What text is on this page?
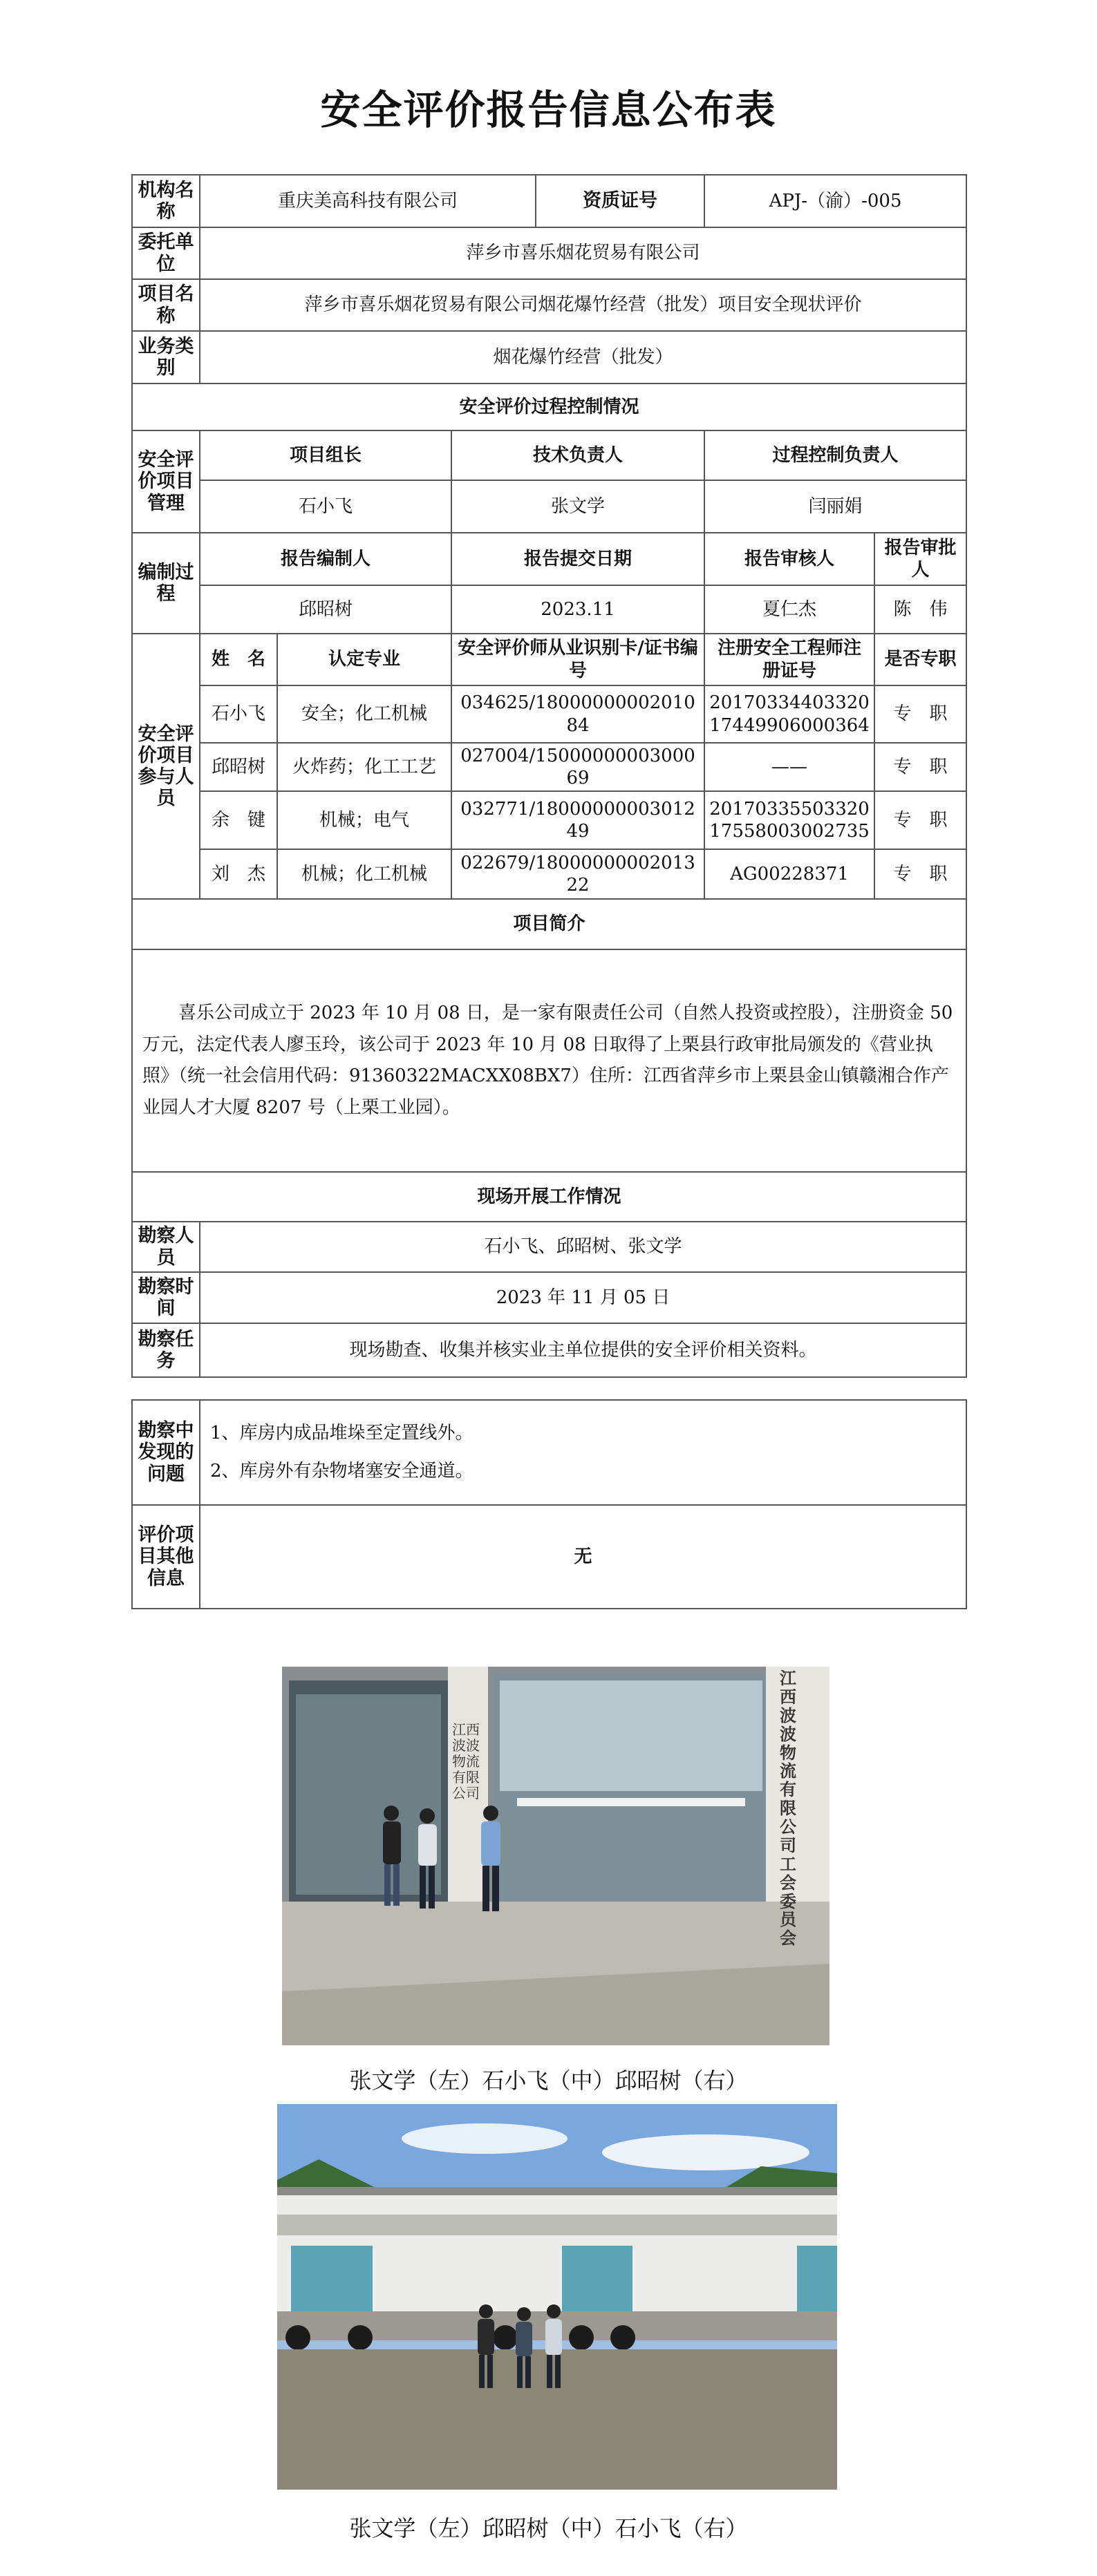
安全评价报告信息公布表
机构名称	重庆美高科技有限公司			资质证号	APJ-（渝）-005	
委托单位	萍乡市喜乐烟花贸易有限公司					
项目名称	萍乡市喜乐烟花贸易有限公司烟花爆竹经营（批发）项目安全现状评价					
业务类别	烟花爆竹经营（批发）					
安全评价过程控制情况						
安全评价项目管理	项目组长		技术负责人		过程控制负责人	
	石小飞		张文学		闫丽娟	
编制过程	报告编制人		报告提交日期		报告审核人	报告审批人
	邱昭树		2023.11		夏仁杰	陈　伟
安全评价项目参与人员	姓　名	认定专业	安全评价师从业识别卡/证书编号		注册安全工程师注册证号	是否专职
	石小飞	安全；化工机械	034625/1800000000201084		2017033440332017449906000364	专　职
	邱昭树	火炸药；化工工艺	027004/1500000000300069		——	专　职
	余　键	机械；电气	032771/1800000000301249		2017033550332017558003002735	专　职
	刘　杰	机械；化工机械	022679/1800000000201322		AG00228371	专　职
项目简介						
喜乐公司成立于 2023 年 10 月 08 日，是一家有限责任公司（自然人投资或控股），注册资金 50 万元，法定代表人廖玉玲，该公司于 2023 年 10 月 08 日取得了上栗县行政审批局颁发的《营业执照》（统一社会信用代码：91360322MACXX08BX7）住所：江西省萍乡市上栗县金山镇赣湘合作产业园人才大厦 8207 号（上栗工业园）。						
现场开展工作情况						
勘察人员	石小飞、邱昭树、张文学					
勘察时间	2023 年 11 月 05 日					
勘察任务	现场勘查、收集并核实业主单位提供的安全评价相关资料。					
勘察中发现的问题	1、库房内成品堆垛至定置线外。
2、库房外有杂物堵塞安全通道。

评价项目其他信息	无
江西波波物流有限公司
江西波波物流有限公司工会委员会
张文学（左）石小飞（中）邱昭树（右）
张文学（左）邱昭树（中）石小飞（右）
